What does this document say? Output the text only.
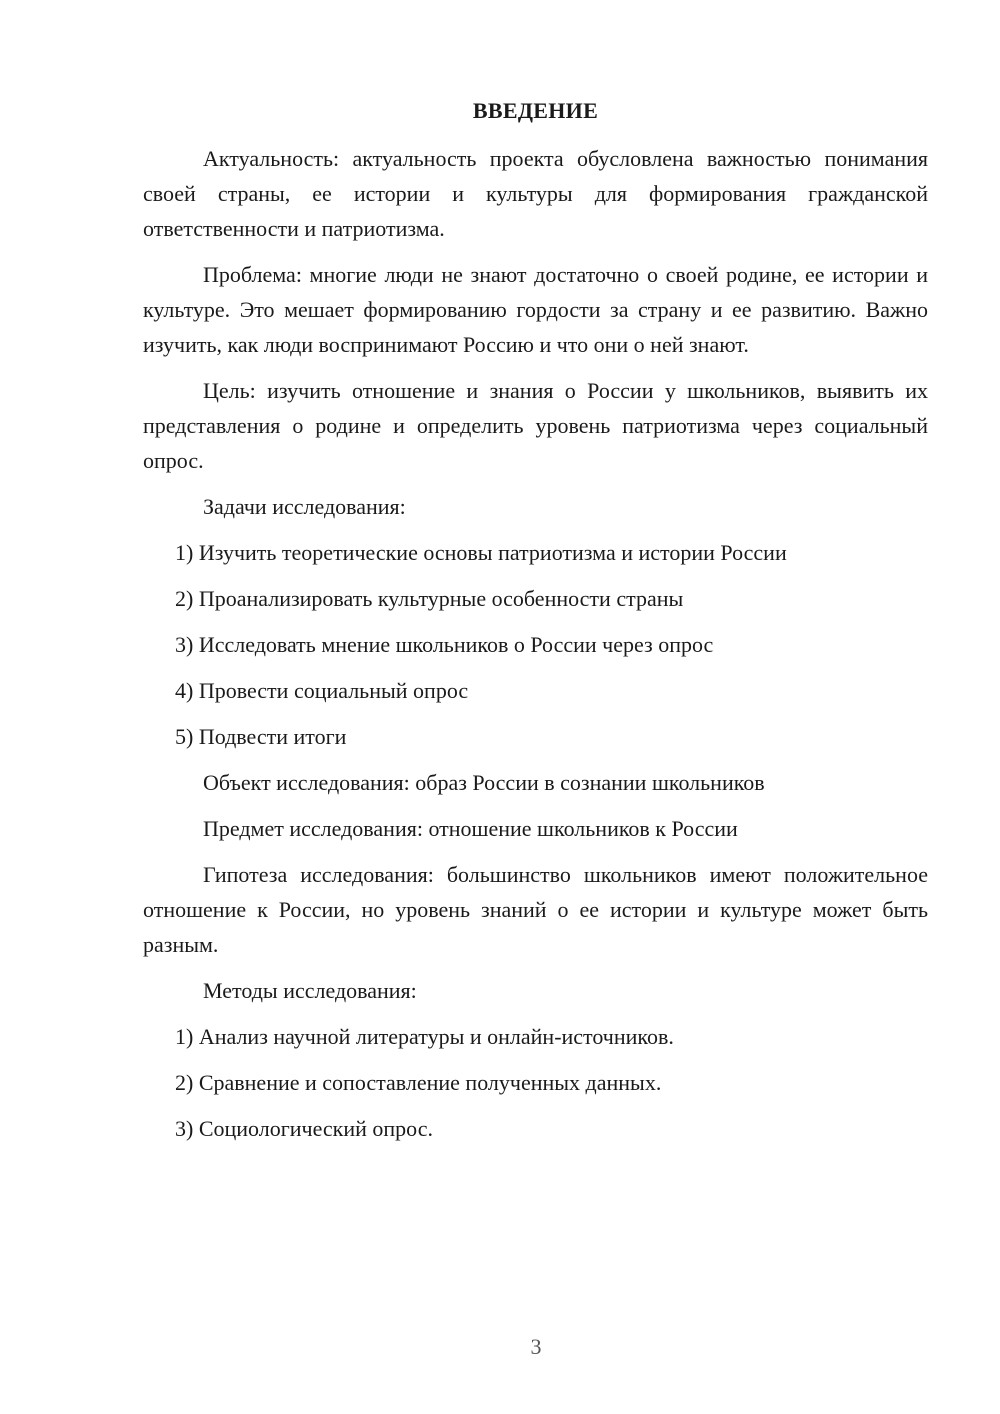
ВВЕДЕНИЕ

Актуальность: актуальность проекта обусловлена важностью понимания своей страны, ее истории и культуры для формирования гражданской ответственности и патриотизма.

Проблема: многие люди не знают достаточно о своей родине, ее истории и культуре. Это мешает формированию гордости за страну и ее развитию. Важно изучить, как люди воспринимают Россию и что они о ней знают.

Цель: изучить отношение и знания о России у школьников, выявить их представления о родине и определить уровень патриотизма через социальный опрос.

Задачи исследования:
1) Изучить теоретические основы патриотизма и истории России
2) Проанализировать культурные особенности страны
3) Исследовать мнение школьников о России через опрос
4) Провести социальный опрос
5) Подвести итоги
Объект исследования: образ России в сознании школьников
Предмет исследования: отношение школьников к России

Гипотеза исследования: большинство школьников имеют положительное отношение к России, но уровень знаний о ее истории и культуре может быть разным.

Методы исследования:
1) Анализ научной литературы и онлайн-источников.
2) Сравнение и сопоставление полученных данных.
3) Социологический опрос.
3
